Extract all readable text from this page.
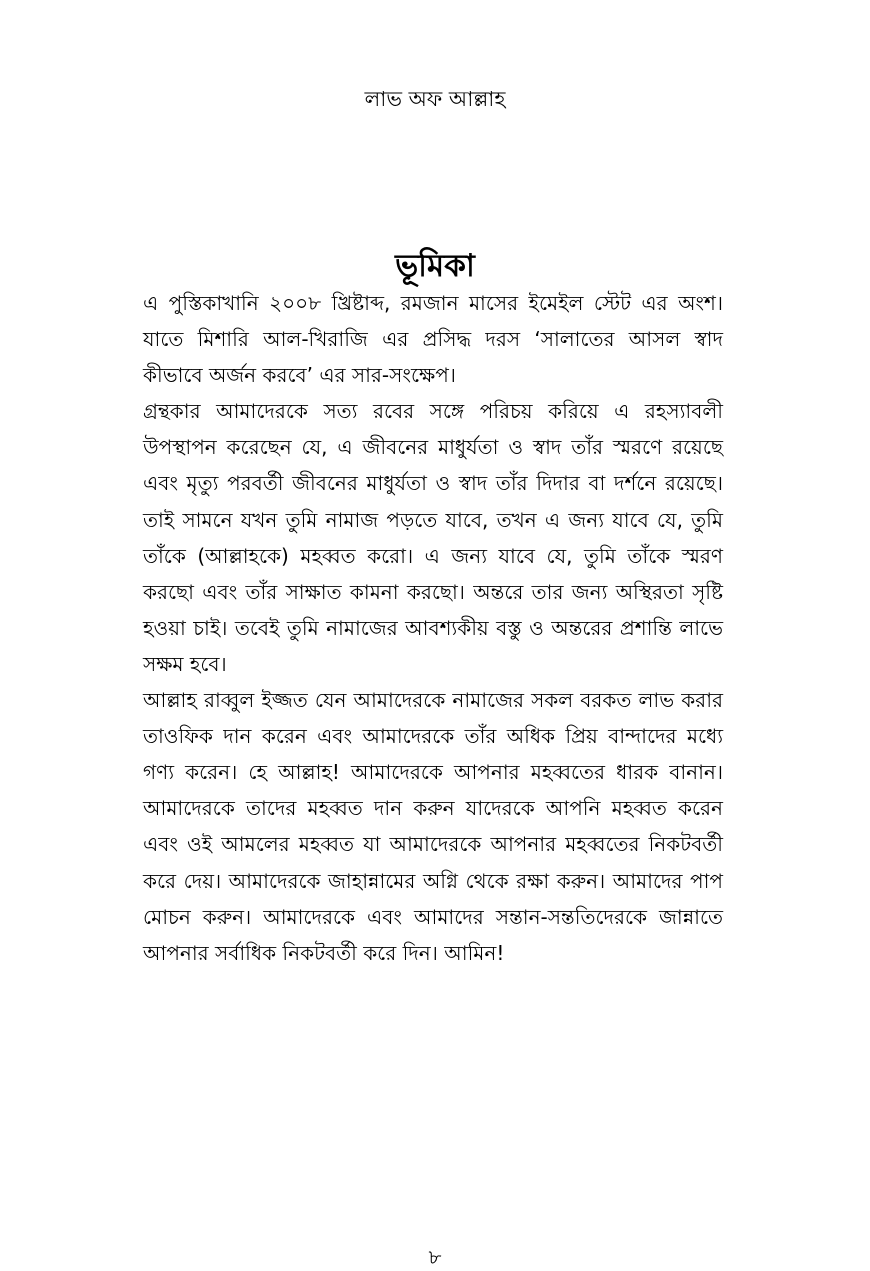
লাভ অফ আল্লাহ
ভূমিকা

এ পুস্তিকাখানি ২০০৮ খ্রিষ্টাব্দ, রমজান মাসের ইমেইল স্টেট এর অংশ। যাতে মিশারি আল-খিরাজি এর প্রসিদ্ধ দরস ‘সালাতের আসল স্বাদ কীভাবে অর্জন করবে’ এর সার-সংক্ষেপ।

গ্রন্থকার আমাদেরকে সত্য রবের সঙ্গে পরিচয় করিয়ে এ রহস্যাবলী উপস্থাপন করেছেন যে, এ জীবনের মাধুর্যতা ও স্বাদ তাঁর স্মরণে রয়েছে এবং মৃত্যু পরবর্তী জীবনের মাধুর্যতা ও স্বাদ তাঁর দিদার বা দর্শনে রয়েছে। তাই সামনে যখন তুমি নামাজ পড়তে যাবে, তখন এ জন্য যাবে যে, তুমি তাঁকে (আল্লাহকে) মহব্বত করো। এ জন্য যাবে যে, তুমি তাঁকে স্মরণ করছো এবং তাঁর সাক্ষাত কামনা করছো। অন্তরে তার জন্য অস্থিরতা সৃষ্টি হওয়া চাই। তবেই তুমি নামাজের আবশ্যকীয় বস্তু ও অন্তরের প্রশান্তি লাভে সক্ষম হবে।

আল্লাহ রাব্বুল ইজ্জত যেন আমাদেরকে নামাজের সকল বরকত লাভ করার তাওফিক দান করেন এবং আমাদেরকে তাঁর অধিক প্রিয় বান্দাদের মধ্যে গণ্য করেন। হে আল্লাহ! আমাদেরকে আপনার মহব্বতের ধারক বানান। আমাদেরকে তাদের মহব্বত দান করুন যাদেরকে আপনি মহব্বত করেন এবং ওই আমলের মহব্বত যা আমাদেরকে আপনার মহব্বতের নিকটবর্তী করে দেয়। আমাদেরকে জাহান্নামের অগ্নি থেকে রক্ষা করুন। আমাদের পাপ মোচন করুন। আমাদেরকে এবং আমাদের সন্তান-সন্ততিদেরকে জান্নাতে আপনার সর্বাধিক নিকটবর্তী করে দিন। আমিন!

৮
